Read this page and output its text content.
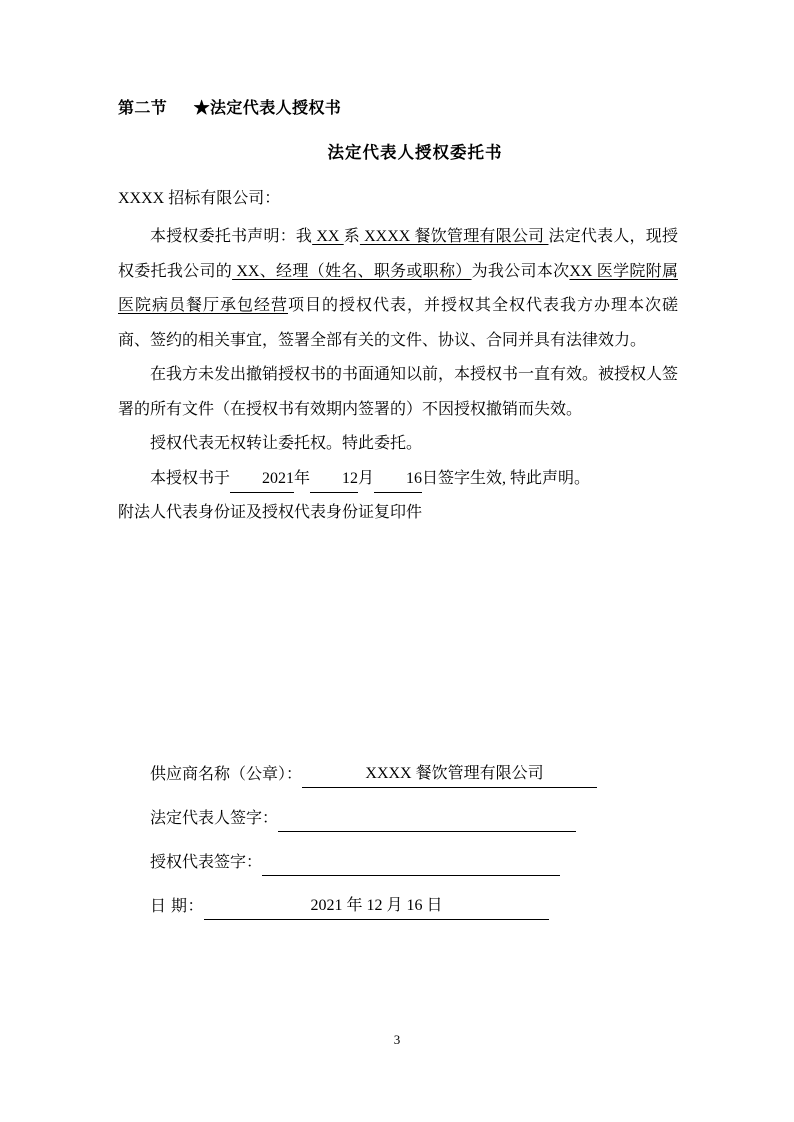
第二节      ★法定代表人授权书
法定代表人授权委托书
XXXX 招标有限公司：

本授权委托书声明：我 XX 系 XXXX 餐饮管理有限公司 法定代表人，现授权委托我公司的 XX、经理（姓名、职务或职称）为我公司本次XX 医学院附属医院病员餐厅承包经营项目的授权代表，并授权其全权代表我方办理本次磋商、签约的相关事宜，签署全部有关的文件、协议、合同并具有法律效力。

在我方未发出撤销授权书的书面通知以前，本授权书一直有效。被授权人签署的所有文件（在授权书有效期内签署的）不因授权撤销而失效。

授权代表无权转让委托权。特此委托。

本授权书于 2021年 12月 16日签字生效, 特此声明。

附法人代表身份证及授权代表身份证复印件

供应商名称（公章）：	XXXX 餐饮管理有限公司
法定代表人签字：
授权代表签字：
日 期：	2021 年 12 月 16 日
3
